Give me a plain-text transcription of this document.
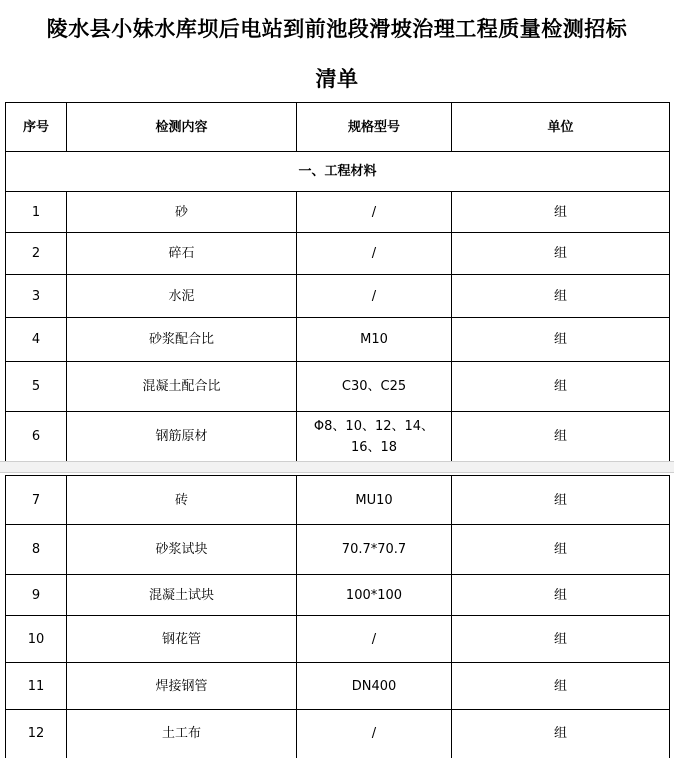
陵水县小妹水库坝后电站到前池段滑坡治理工程质量检测招标
清单
序号	检测内容	规格型号	单位
一、工程材料			
1	砂	/	组
2	碎石	/	组
3	水泥	/	组
4	砂浆配合比	M10	组
5	混凝土配合比	C30、C25	组
6	钢筋原材	Φ8、10、12、14、16、18	组
7	砖	MU10	组
8	砂浆试块	70.7*70.7	组
9	混凝土试块	100*100	组
10	钢花管	/	组
11	焊接钢管	DN400	组
12	土工布	/	组
